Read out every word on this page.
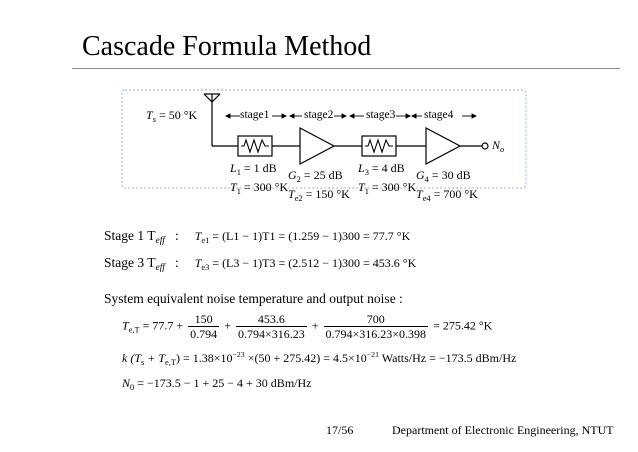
Cascade Formula Method
$T_s = 50$ °K	stage1	stage2	stage3 stage4
$N_o$
$L_1 = 1$ dB
$T_1 = 300$ °K
$G_2 = 25$ dB
$T_{e2} = 150$ °K
$L_3 = 4$ dB
$T_1 = 300$ °K
$G_4 = 30$ dB
$T_{e4} = 700$ °K
Stage 1 $T_{eff}$ : $T_{e1} = (L1 - 1)T1 = (1.259 - 1)300 = 77.7$ °K
Stage 3 $T_{eff}$ : $T_{e3} = (L3 - 1)T3 = (2.512 - 1)300 = 453.6$ °K
System equivalent noise temperature and output noise :
$T_{e,T} = 77.7 + \frac{150}{0.794} + \frac{453.6}{0.794\times 316.23} + \frac{700}{0.794\times 316.23\times 0.398} = 275.42$ °K
k $(T_s + T_{e,T}) = 1.38\times 10^{-23} \times(50 + 275.42) = 4.5\times 10^{-21}$ Watts/Hz = −173.5 dBm/Hz
$N_0 = -173.5 - 1 + 25 - 4 + 30$ dBm/Hz
17/56	Department of Electronic Engineering, NTUT
